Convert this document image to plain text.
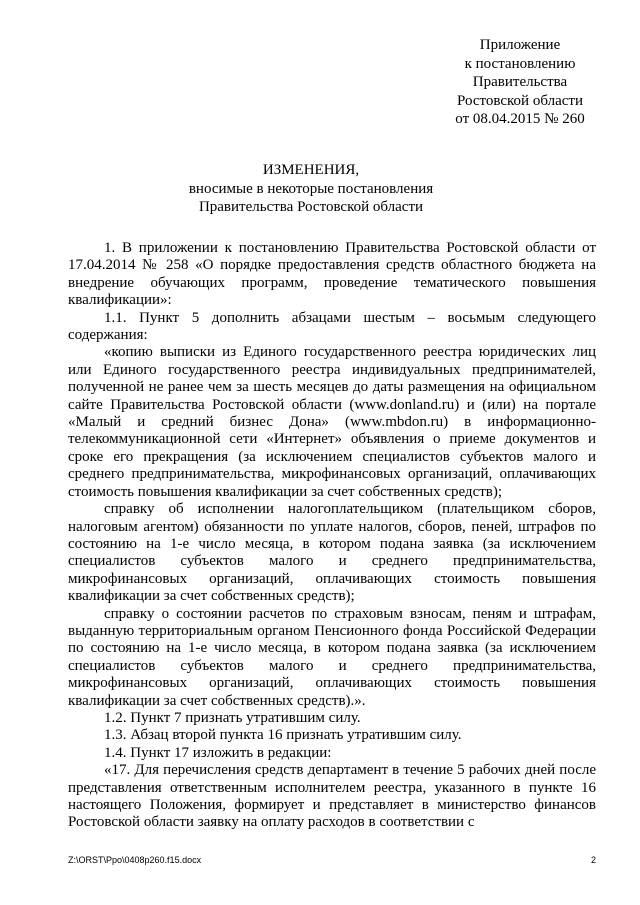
Приложение
к постановлению
Правительства
Ростовской области
от 08.04.2015 № 260
ИЗМЕНЕНИЯ,
вносимые в некоторые постановления
Правительства Ростовской области

1. В приложении к постановлению Правительства Ростовской области от 17.04.2014 № 258 «О порядке предоставления средств областного бюджета на внедрение обучающих программ, проведение тематического повышения квалификации»:

1.1. Пункт 5 дополнить абзацами шестым – восьмым следующего содержания:

«копию выписки из Единого государственного реестра юридических лиц или Единого государственного реестра индивидуальных предпринимателей, полученной не ранее чем за шесть месяцев до даты размещения на официальном сайте Правительства Ростовской области (www.donland.ru) и (или) на портале «Малый и средний бизнес Дона» (www.mbdon.ru) в информационно-телекоммуникационной сети «Интернет» объявления о приеме документов и сроке его прекращения (за исключением специалистов субъектов малого и среднего предпринимательства, микрофинансовых организаций, оплачивающих стоимость повышения квалификации за счет собственных средств);

справку об исполнении налогоплательщиком (плательщиком сборов, налоговым агентом) обязанности по уплате налогов, сборов, пеней, штрафов по состоянию на 1-е число месяца, в котором подана заявка (за исключением специалистов субъектов малого и среднего предпринимательства, микрофинансовых организаций, оплачивающих стоимость повышения квалификации за счет собственных средств);

справку о состоянии расчетов по страховым взносам, пеням и штрафам, выданную территориальным органом Пенсионного фонда Российской Федерации по состоянию на 1-е число месяца, в котором подана заявка (за исключением специалистов субъектов малого и среднего предпринимательства, микрофинансовых организаций, оплачивающих стоимость повышения квалификации за счет собственных средств).».

1.2. Пункт 7 признать утратившим силу.

1.3. Абзац второй пункта 16 признать утратившим силу.

1.4. Пункт 17 изложить в редакции:

«17. Для перечисления средств департамент в течение 5 рабочих дней после представления ответственным исполнителем реестра, указанного в пункте 16 настоящего Положения, формирует и представляет в министерство финансов Ростовской области заявку на оплату расходов в соответствии с

Z:\ORST\Ppo\0408p260.f15.docx	2
